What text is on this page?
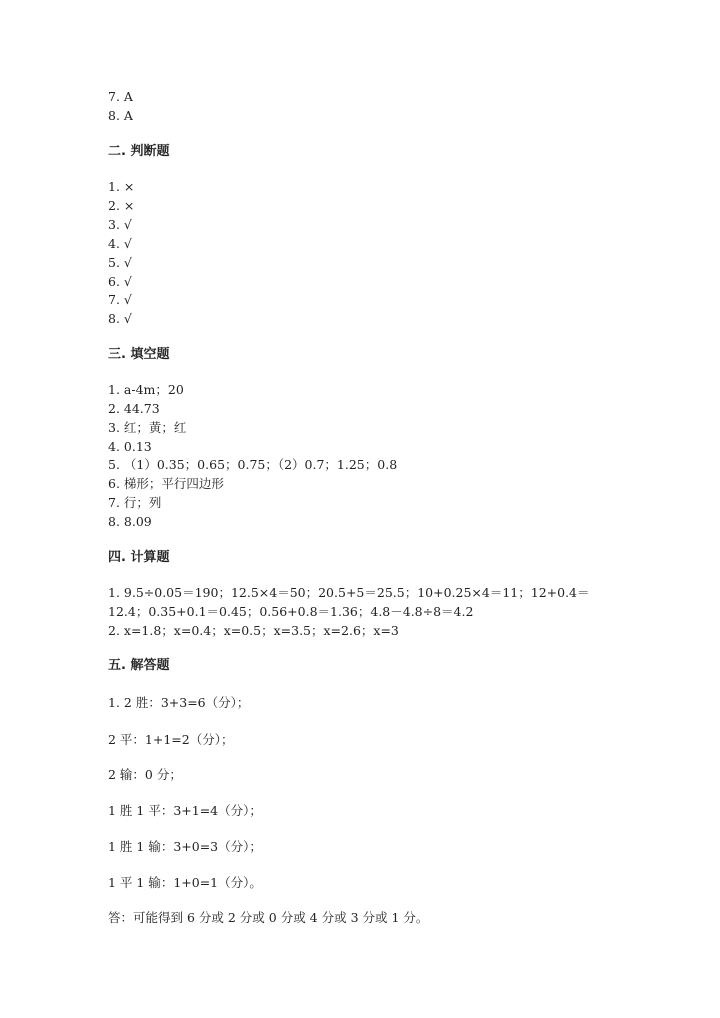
7. A
8. A
二. 判断题
1. ×
2. ×
3. √
4. √
5. √
6. √
7. √
8. √
三. 填空题
1. a-4m；20
2. 44.73
3. 红；黄；红
4. 0.13
5. （1）0.35；0.65；0.75；（2）0.7；1.25；0.8
6. 梯形；平行四边形
7. 行；列
8. 8.09
四. 计算题
1. 9.5÷0.05＝190；12.5×4＝50；20.5+5＝25.5；10+0.25×4＝11；12+0.4＝
12.4；0.35+0.1＝0.45；0.56+0.8＝1.36；4.8－4.8÷8＝4.2
2. x=1.8；x=0.4；x=0.5；x=3.5；x=2.6；x=3
五. 解答题
1. 2 胜：3+3=6（分）；
2 平：1+1=2（分）；
2 输：0 分；
1 胜 1 平：3+1=4（分）；
1 胜 1 输：3+0=3（分）；
1 平 1 输：1+0=1（分）。
答：可能得到 6 分或 2 分或 0 分或 4 分或 3 分或 1 分。
